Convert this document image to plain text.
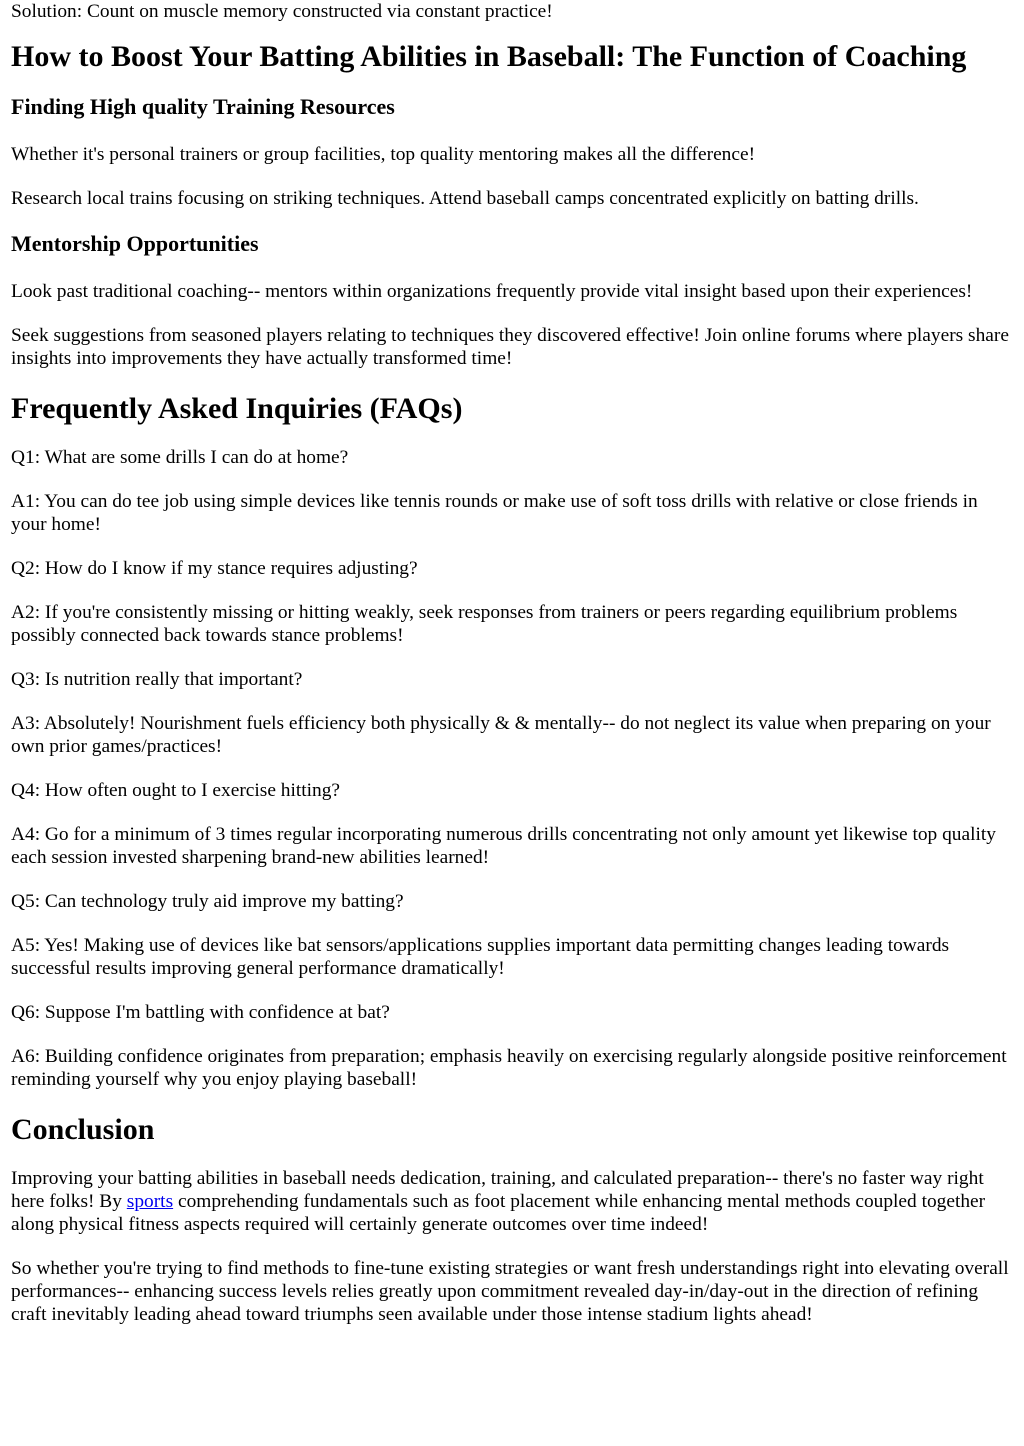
Solution: Count on muscle memory constructed via constant practice!

How to Boost Your Batting Abilities in Baseball: The Function of Coaching
Finding High quality Training Resources

Whether it's personal trainers or group facilities, top quality mentoring makes all the difference!

Research local trains focusing on striking techniques. Attend baseball camps concentrated explicitly on batting drills.

Mentorship Opportunities

Look past traditional coaching-- mentors within organizations frequently provide vital insight based upon their experiences!

Seek suggestions from seasoned players relating to techniques they discovered effective! Join online forums where players share insights into improvements they have actually transformed time!

Frequently Asked Inquiries (FAQs)

Q1: What are some drills I can do at home?

A1: You can do tee job using simple devices like tennis rounds or make use of soft toss drills with relative or close friends in your home!

Q2: How do I know if my stance requires adjusting?

A2: If you're consistently missing or hitting weakly, seek responses from trainers or peers regarding equilibrium problems possibly connected back towards stance problems!

Q3: Is nutrition really that important?

A3: Absolutely! Nourishment fuels efficiency both physically & & mentally-- do not neglect its value when preparing on your own prior games/practices!

Q4: How often ought to I exercise hitting?

A4: Go for a minimum of 3 times regular incorporating numerous drills concentrating not only amount yet likewise top quality each session invested sharpening brand-new abilities learned!

Q5: Can technology truly aid improve my batting?

A5: Yes! Making use of devices like bat sensors/applications supplies important data permitting changes leading towards successful results improving general performance dramatically!

Q6: Suppose I'm battling with confidence at bat?

A6: Building confidence originates from preparation; emphasis heavily on exercising regularly alongside positive reinforcement reminding yourself why you enjoy playing baseball!

Conclusion

Improving your batting abilities in baseball needs dedication, training, and calculated preparation-- there's no faster way right here folks! By sports comprehending fundamentals such as foot placement while enhancing mental methods coupled together along physical fitness aspects required will certainly generate outcomes over time indeed!

So whether you're trying to find methods to fine-tune existing strategies or want fresh understandings right into elevating overall performances-- enhancing success levels relies greatly upon commitment revealed day-in/day-out in the direction of refining craft inevitably leading ahead toward triumphs seen available under those intense stadium lights ahead!
